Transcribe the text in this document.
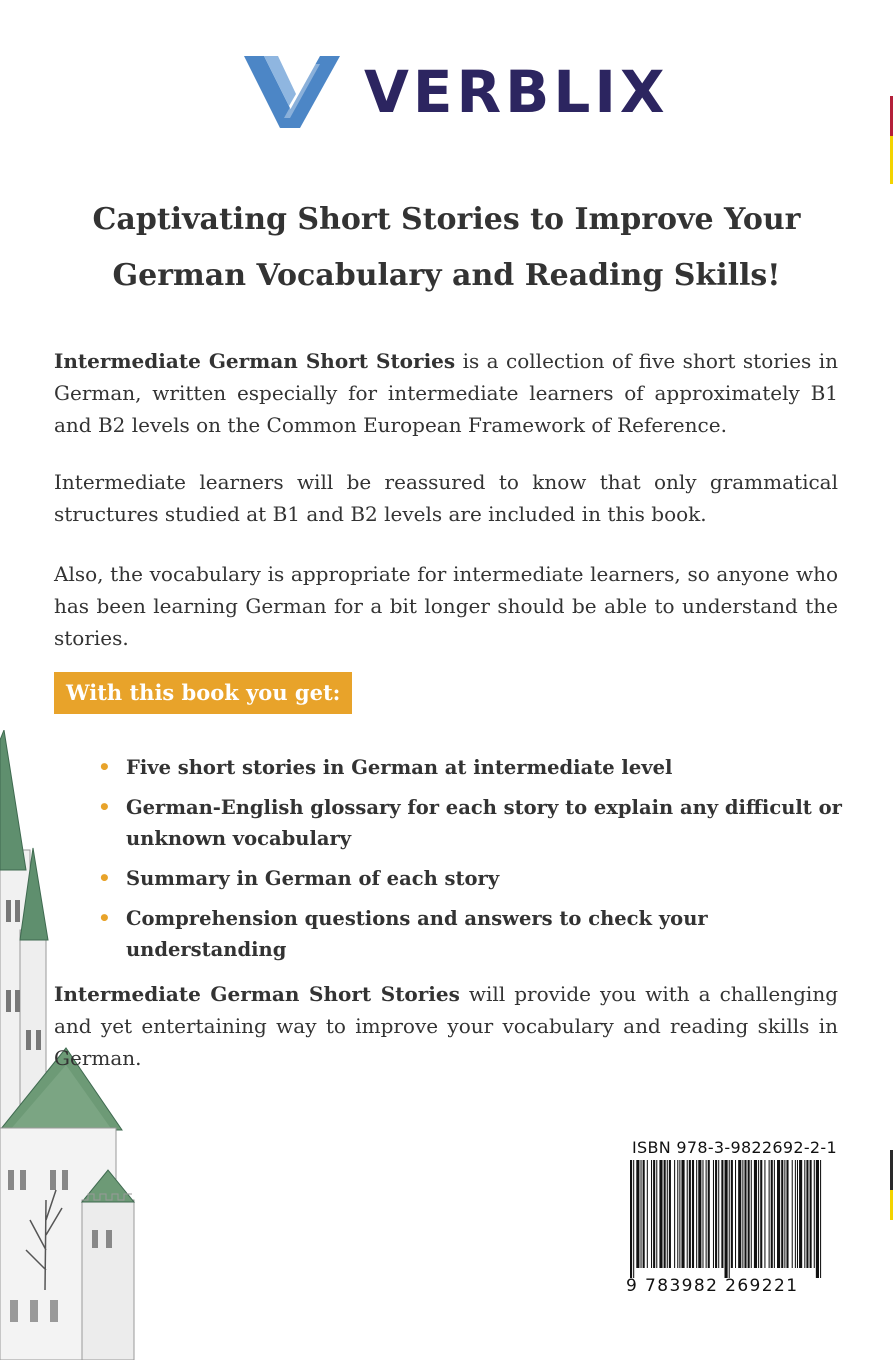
VERBLIX
Captivating Short Stories to Improve Your
German Vocabulary and Reading Skills!

Intermediate German Short Stories is a collection of five short stories in German, written especially for intermediate learners of approximately B1 and B2 levels on the Common European Framework of Reference.

Intermediate learners will be reassured to know that only grammatical structures studied at B1 and B2 levels are included in this book.

Also, the vocabulary is appropriate for intermediate learners, so anyone who has been learning German for a bit longer should be able to understand the stories.

With this book you get:
• Five short stories in German at intermediate level
• German-English glossary for each story to explain any difficult or unknown vocabulary
• Summary in German of each story
• Comprehension questions and answers to check your understanding

Intermediate German Short Stories will provide you with a challenging and yet entertaining way to improve your vocabulary and reading skills in German.

ISBN 978-3-9822692-2-1
9 783982 269221
